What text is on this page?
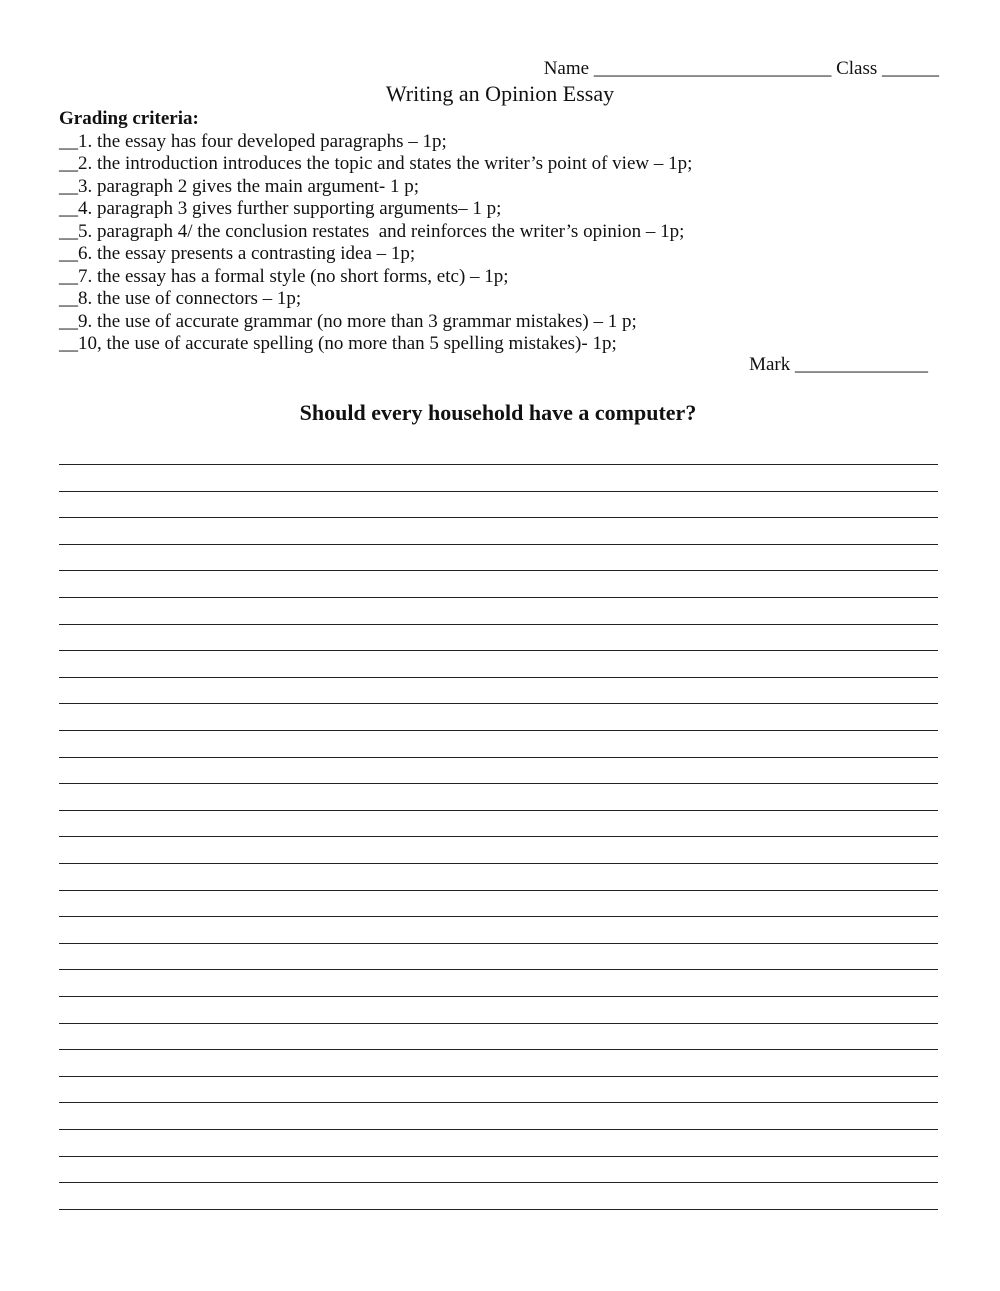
Name _________________________ Class ______
Writing an Opinion Essay
Grading criteria:
__1. the essay has four developed paragraphs – 1p;
__2. the introduction introduces the topic and states the writer’s point of view – 1p;
__3. paragraph 2 gives the main argument- 1 p;
__4. paragraph 3 gives further supporting arguments– 1 p;
__5. paragraph 4/ the conclusion restates  and reinforces the writer’s opinion – 1p;
__6. the essay presents a contrasting idea – 1p;
__7. the essay has a formal style (no short forms, etc) – 1p;
__8. the use of connectors – 1p;
__9. the use of accurate grammar (no more than 3 grammar mistakes) – 1 p;
__10, the use of accurate spelling (no more than 5 spelling mistakes)- 1p;
Mark ______________
Should every household have a computer?
